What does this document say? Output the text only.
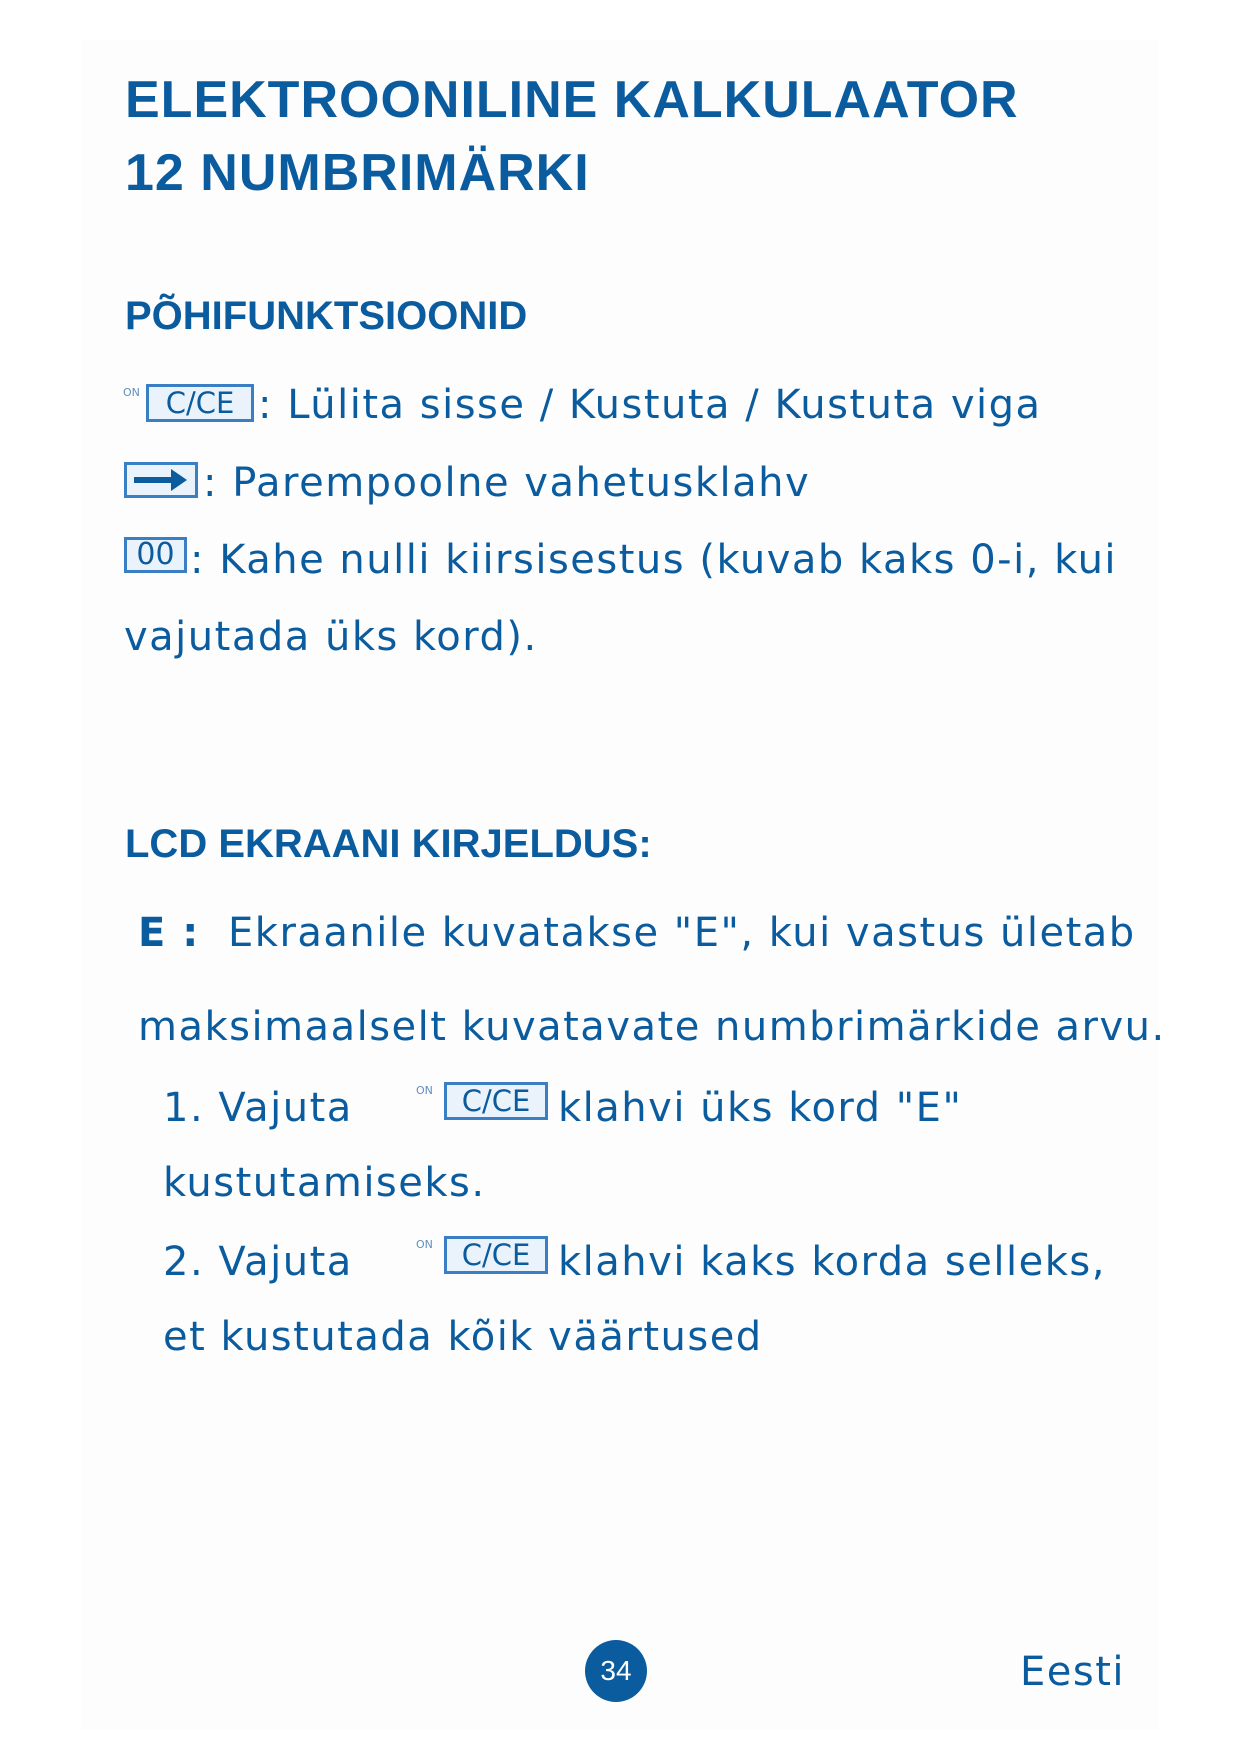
ELEKTROONILINE KALKULAATOR
12 NUMBRIMÄRKI
PÕHIFUNKTSIOONID
ON C/CE : Lülita sisse / Kustuta / Kustuta viga
: Parempoolne vahetusklahv
00 : Kahe nulli kiirsisestus (kuvab kaks 0-i, kui
vajutada üks kord).
LCD EKRAANI KIRJELDUS:
E : Ekraanile kuvatakse "E", kui vastus ületab
maksimaalselt kuvatavate numbrimärkide arvu.
1. Vajuta	ON C/CE klahvi üks kord "E"
kustutamiseks.
2. Vajuta	ON C/CE klahvi kaks korda selleks,
et kustutada kõik väärtused
34	Eesti
